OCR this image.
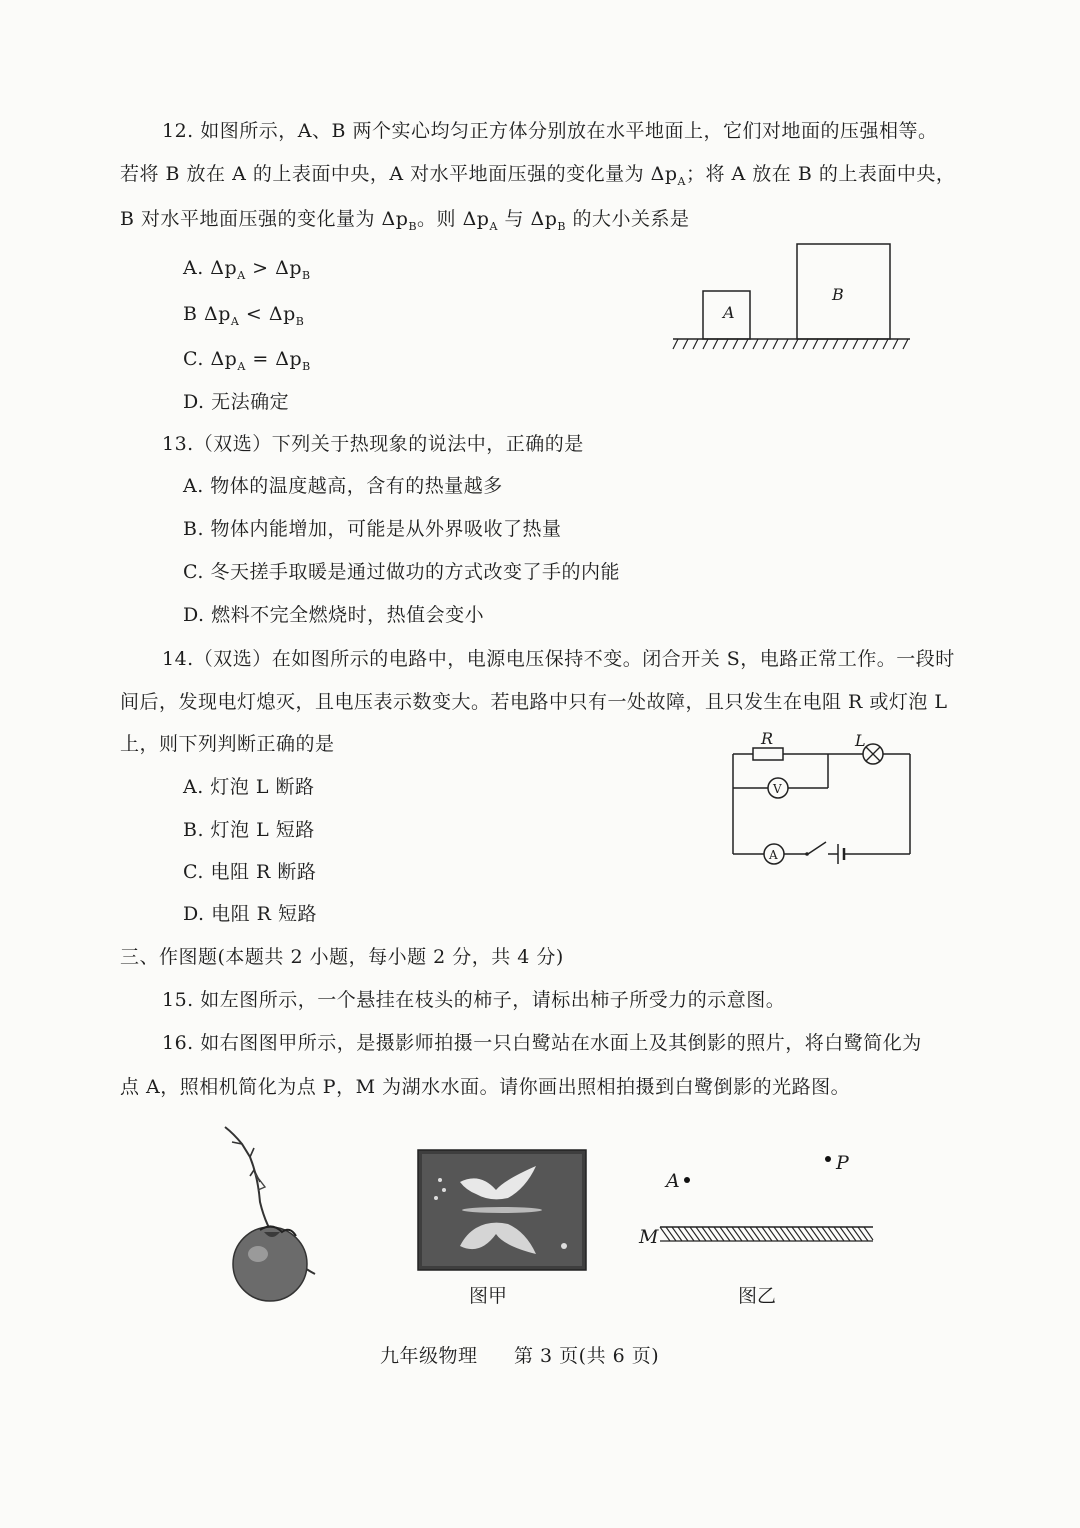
12. 如图所示，A、B 两个实心均匀正方体分别放在水平地面上，它们对地面的压强相等。
若将 B 放在 A 的上表面中央，A 对水平地面压强的变化量为 $\Delta p_A$；将 A 放在 B 的上表面中央，
B 对水平地面压强的变化量为 $\Delta p_B$。则 $\Delta p_A$ 与 $\Delta p_B$ 的大小关系是
A. $\Delta p_A > \Delta p_B$
B $\Delta p_A < \Delta p_B$
C. $\Delta p_A = \Delta p_B$
D. 无法确定
A
B
13.（双选）下列关于热现象的说法中，正确的是
A. 物体的温度越高，含有的热量越多
B. 物体内能增加，可能是从外界吸收了热量
C. 冬天搓手取暖是通过做功的方式改变了手的内能
D. 燃料不完全燃烧时，热值会变小
14.（双选）在如图所示的电路中，电源电压保持不变。闭合开关 S，电路正常工作。一段时
间后，发现电灯熄灭，且电压表示数变大。若电路中只有一处故障，且只发生在电阻 R 或灯泡 L
上，则下列判断正确的是
A. 灯泡 L 断路
B. 灯泡 L 短路
C. 电阻 R 断路
D. 电阻 R 短路
R	L
V
A
三、作图题(本题共 2 小题，每小题 2 分，共 4 分)
15. 如左图所示，一个悬挂在枝头的柿子，请标出柿子所受力的示意图。
16. 如右图图甲所示，是摄影师拍摄一只白鹭站在水面上及其倒影的照片，将白鹭简化为
点 A，照相机简化为点 P，M 为湖水水面。请你画出照相拍摄到白鹭倒影的光路图。
图甲
P
A
M
图乙
九年级物理 第 3 页(共 6 页)
